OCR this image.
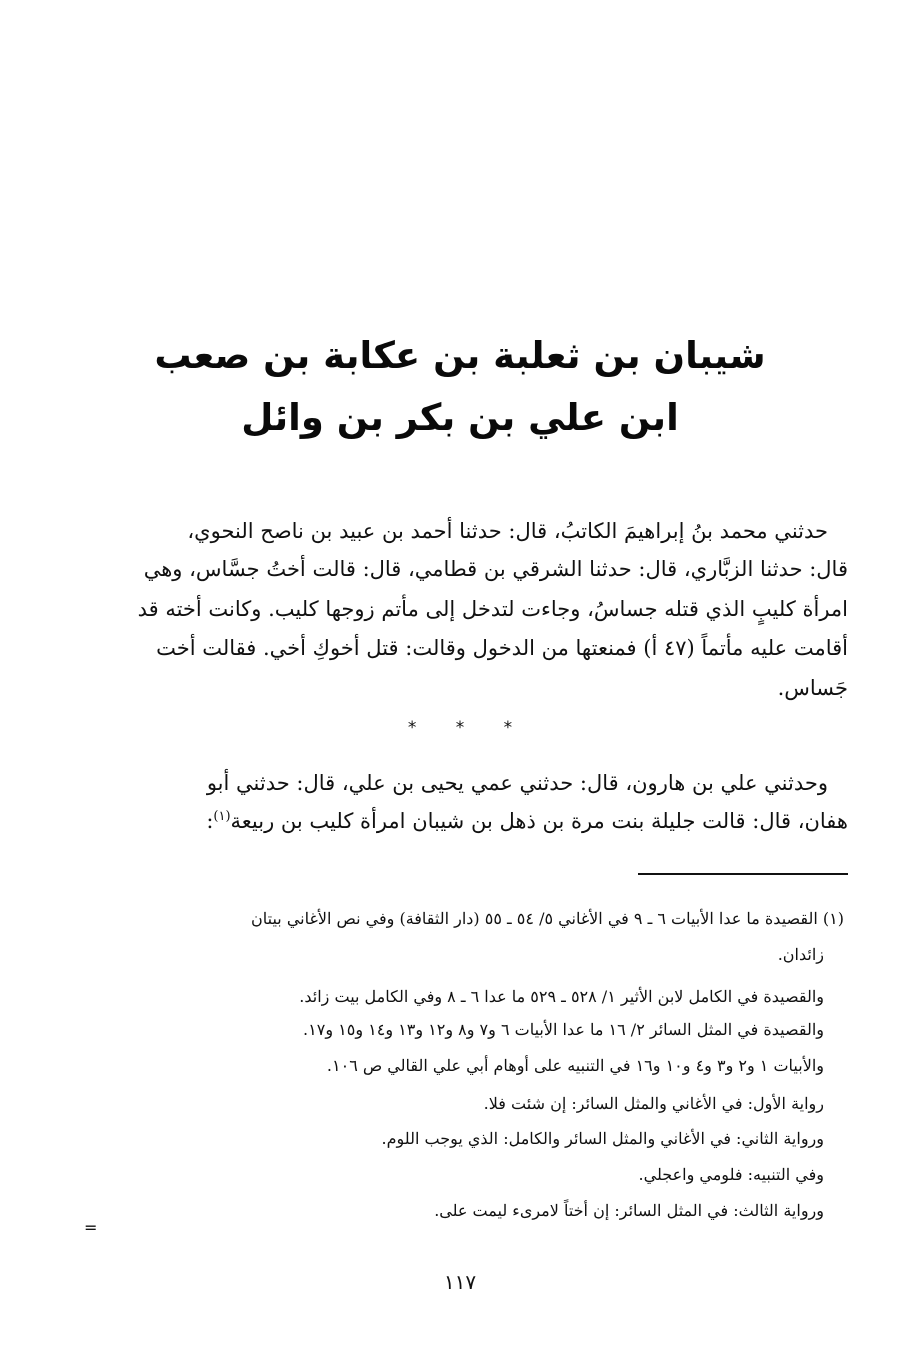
شيبان بن ثعلبة بن عكابة بن صعب
ابن علي بن بكر بن وائل
حدثني محمد بنُ إبراهيمَ الكاتبُ، قال: حدثنا أحمد بن عبيد بن ناصح النحوي،
قال: حدثنا الزبَّاري، قال: حدثنا الشرقي بن قطامي، قال: قالت أختُ جسَّاس، وهي
امرأة كليبٍ الذي قتله جساسُ، وجاءت لتدخل إلى مأتم زوجها كليب. وكانت أخته قد
أقامت عليه مأتماً (٤٧ أ) فمنعتها من الدخول وقالت: قتل أخوكِ أخي. فقالت أخت
جَساس.
* * *
وحدثني علي بن هارون، قال: حدثني عمي يحيى بن علي، قال: حدثني أبو
هفان، قال: قالت جليلة بنت مرة بن ذهل بن شيبان امرأة كليب بن ربيعة$^{(١)}$:
(١) القصيدة ما عدا الأبيات ٦ ـ ٩ في الأغاني ٥/ ٥٤ ـ ٥٥ (دار الثقافة) وفي نص الأغاني بيتان
زائدان.
والقصيدة في الكامل لابن الأثير ١/ ٥٢٨ ـ ٥٢٩ ما عدا ٦ ـ ٨ وفي الكامل بيت زائد.
والقصيدة في المثل السائر ٢/ ١٦ ما عدا الأبيات ٦ و٧ و٨ و١٢ و١٣ و١٤ و١٥ و١٧.
والأبيات ١ و٢ و٣ و٤ و١٠ و١٦ في التنبيه على أوهام أبي علي القالي ص ١٠٦.
رواية الأول: في الأغاني والمثل السائر: إن شئت فلا.
ورواية الثاني: في الأغاني والمثل السائر والكامل: الذي يوجب اللوم.
وفي التنبيه: فلومي واعجلي.
ورواية الثالث: في المثل السائر: إن أختاً لامرىء ليمت على.
=
١١٧
